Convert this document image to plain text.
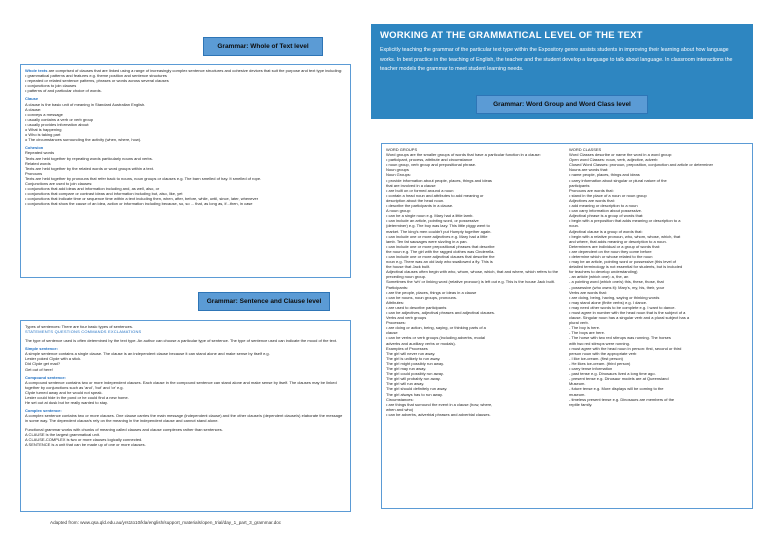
Grammar: Whole of Text level
Whole texts are comprised of clauses that are linked using a range of increasingly complex sentence structures and cohesive devices that suit the purpose and text type including:
• grammatical patterns and features e.g. theme position and sentence structures
• repeated or related sentence patterns, phrases or words across several clauses
• conjunctions to join clauses
• patterns of and particular choice of words.
Clause
A clause is the basic unit of meaning in Standard Australian English.
A clause:
• conveys a message
• usually contains a verb or verb group
• usually provides information about:
o What is happening
o Who is taking part
o The circumstances surrounding the activity (when, where, how).
Cohesion
Repeated words
Texts are held together by repeating words particularly nouns and verbs.
Related words
Texts are held together by the related words or word groups within a text.
Pronouns
Texts are held together by pronouns that refer back to nouns, noun groups or clauses e.g. The barn smelled of hay. It smelled of rope.
Conjunctions are used to join clauses:
• conjunctions that add ideas and information including and, as well, also, or
• conjunctions that compare or contrast ideas and information including but, also, like, yet
• conjunctions that indicate time or sequence time within a text including then, when, after, before, while, until, since, later, whenever
• conjunctions that show the cause of an idea, action or information including because, so, so ... that, as long as, if...then, in case
Grammar: Sentence and Clause level
Types of sentences: There are four basic types of sentences.
STATEMENTS QUESTIONS COMMANDS EXCLAMATIONS
The type of sentence used is often determined by the text type. An author can choose a particular type of sentence. The type of sentence used can indicate the mood of the text.
Simple sentence:
A simple sentence contains a single clause. The clause is an independent clause because it can stand alone and make sense by itself e.g.
Lester poked Clyde with a stick.
Did Clyde get mad?
Get out of here!
Compound sentence:
A compound sentence contains two or more independent clauses. Each clause in the compound sentence can stand alone and make sense by itself. The clauses may be linked together by conjunctions such as 'and', 'but' and 'or' e.g.
Clyde turned away and he would not speak.
Lester could hide in the pond or he could find a new home.
He set out at dusk but he really wanted to stay.
Complex sentence:
A complex sentence contains two or more clauses. One clause carries the main message (independent clause) and the other clause/s (dependent clause/s) elaborate the message in some way. The dependent clause/s rely on the meaning in the independent clause and cannot stand alone.
Functional grammar works with chunks of meaning called clauses and clause complexes rather than sentences.
A CLAUSE is the largest grammatical unit.
A CLAUSE-COMPLEX is two or more clauses logically connected.
A SENTENCE is a unit that can be made up of one or more clauses.
WORKING AT THE GRAMMATICAL LEVEL OF THE TEXT

Explicitly teaching the grammar of the particular text type within the Expository genre assists students in improving their learning about how language works. In best practice in the teaching of English, the teacher and the student develop a language to talk about language. In classroom interactions the teacher models the grammar to meet student learning needs.

Grammar: Word Group and Word Class level
WORD GROUPS
Word groups are the smaller groups of words that have a particular function in a clause:
• participant, process, attribute and circumstance
• noun group, verb group and prepositional phrase.
Noun groups
Noun Groups:
• provide information about people, places, things and ideas
that are involved in a clause
• are built on or formed around a noun
• contain a head noun and attributes to add meaning or
description about the head noun.
• describe the participants in a clause.
A noun group:
• can be a single noun e.g. Mary had a little lamb.
• can include an article, pointing word, or possessive
(determiner) e.g. The boy was lazy. This little piggy went to
market. The king's men couldn't put Humpty together again.
• can include one or more adjectives e.g. Mary had a little
lamb. Ten fat sausages were sizzling in a pan.
• can include one or more prepositional phrases that describe
the noun e.g. The girl with the ragged clothes was Cinderella.
• can include one or more adjectival clauses that describe the
noun e.g. There was an old lady who swallowed a fly. This is
the house that Jack built.
Adjectival clauses often begin with who, whom, whose, which, that and where, which refers to the preceding noun group.
Sometimes the 'wh' or linking word (relative pronoun) is left out e.g. This is the house Jack built.
Participants:
• are the people, places, things or ideas in a clause
• can be nouns, noun groups, pronouns.
Attributes:
• are used to describe participants
• can be adjectives, adjectival phrases and adjectival clauses.
Verbs and verb groups
Processes:
• are doing or action, being, saying, or thinking parts of a
clause
• can be verbs or verb groups (including adverbs, modal
adverbs and auxiliary verbs or modals).
Examples of Processes
The girl will never run away.
The girl is unlikely to run away.
The girl might possibly run away.
The girl may run away.
The girl could possibly run away.
The girl will probably run away.
The girl will run away.
The girl should definitely run away.
The girl always has to run away.
Circumstances:
• are things that surround the event in a clause (how, where,
when and who)
• can be adverbs, adverbial phrases and adverbial clauses.
WORD CLASSES
Word Classes describe or name the word in a word group:
Open word Classes: noun, verb, adjective, adverb
Closed Word Classes: pronoun, preposition, conjunction and article or determiner
Nouns are words that:
• name people, places, things and ideas
• carry information about singular or plural nature of the
participants
Pronouns are words that:
• stand in the place of a noun or noun group
Adjectives are words that:
• add meaning or description to a noun
• can carry information about possessive.
Adjectival phrase is a group of words that:
• begin with a preposition that adds meaning or description to a
noun.
Adjectival clause is a group of words that:
• begin with a relative pronoun, who, whom, whose, which, that
and where, that adds meaning or description to a noun.
Determiners are individual or a group of words that:
• are dependent on the noun they come before
• determine which or whose related to the noun
• may be an article, pointing word or possessive (this level of
detailed terminology is not essential for students, but is included
for teachers to develop understanding)
- an article (which one): a, the, an
- a pointing word (which one/s) this, these, those, that
- possessive (who owns it): Mary's, my, his, their, your
Verbs are words that:
• are doing, being, having, saying or thinking words
• may stand alone (finite verbs) e.g. I dance.
• may need other words to be complete e.g. I want to dance.
• must agree in number with the head noun that is the subject of a
clause. Singular noun has a singular verb and a plural subject has a
plural verb.
- The boy is here.
- The boys are here.
- The horse with two red stirrups was running. The horses
with two red stirrups were running.
• must agree with the head noun in person: first, second or third
person noun with the appropriate verb
- I like ice-cream. (first person)
- He likes ice-cream. (third person)
• carry tense information
- past tense e.g. Dinosaurs lived a long time ago.
- present tense e.g. Dinosaur models are at Queensland
Museum.
- future tense e.g. More displays will be coming to the
museum.
- timeless present tense e.g. Dinosaurs are members of the
reptile family.
Adapted from: www.qsa.qld.edu.au/yrs1to10/kla/english/support_materials/open_trial/day_1_part_3_grammar.doc
